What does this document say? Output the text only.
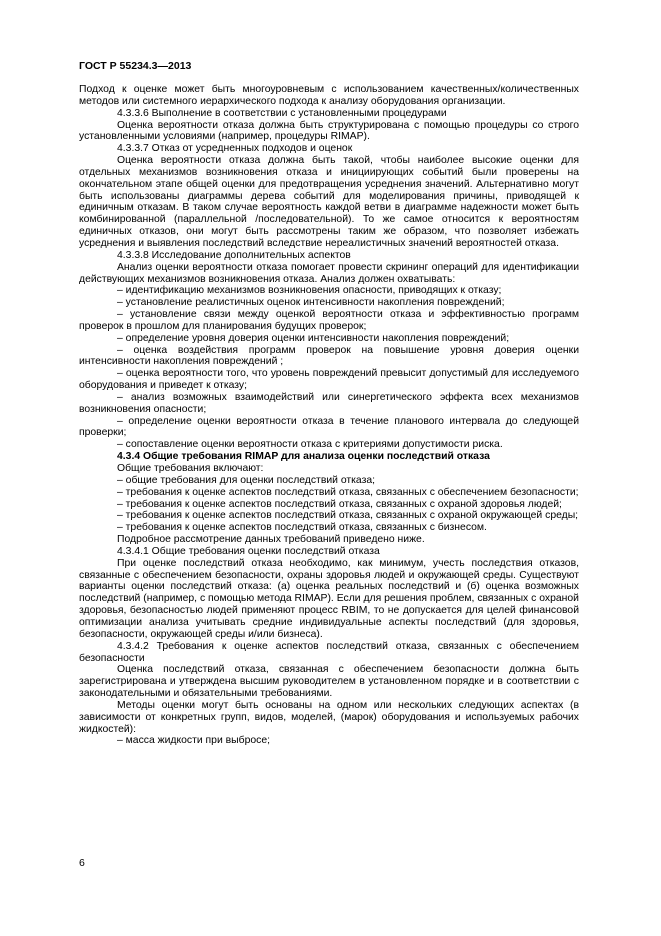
ГОСТ Р 55234.3—2013

Подход к оценке может быть многоуровневым с использованием качественных/количественных методов или системного иерархического подхода к анализу оборудования организации.

4.3.3.6 Выполнение в соответствии с установленными процедурами

Оценка вероятности отказа должна быть структурирована с помощью процедуры со строго установленными условиями (например, процедуры RIMAP).

4.3.3.7 Отказ от усредненных подходов и оценок

Оценка вероятности отказа должна быть такой, чтобы наиболее высокие оценки для отдельных механизмов возникновения отказа и инициирующих событий были проверены на окончательном этапе общей оценки для предотвращения усреднения значений. Альтернативно могут быть использованы диаграммы дерева событий для моделирования причины, приводящей к единичным отказам. В таком случае вероятность каждой ветви в диаграмме надежности может быть комбинированной (параллельной /последовательной). То же самое относится к вероятностям единичных отказов, они могут быть рассмотрены таким же образом, что позволяет избежать усреднения и выявления последствий вследствие нереалистичных значений вероятностей отказа.

4.3.3.8 Исследование дополнительных аспектов

Анализ оценки вероятности отказа помогает провести скрининг операций для идентификации действующих механизмов возникновения отказа. Анализ должен охватывать:

– идентификацию механизмов возникновения опасности, приводящих к отказу;

– установление реалистичных оценок интенсивности накопления повреждений;

– установление связи между оценкой вероятности отказа и эффективностью программ проверок в прошлом для планирования будущих проверок;

– определение уровня доверия оценки интенсивности накопления повреждений;

– оценка воздействия программ проверок на повышение уровня доверия оценки интенсивности накопления повреждений ;

– оценка вероятности того, что уровень повреждений превысит допустимый для исследуемого оборудования и приведет к отказу;

– анализ возможных взаимодействий или синергетического эффекта всех механизмов возникновения опасности;

– определение оценки вероятности отказа в течение планового интервала до следующей проверки;

– сопоставление оценки вероятности отказа с критериями допустимости риска.

4.3.4 Общие требования RIMAP для анализа оценки последствий отказа

Общие требования включают:

– общие требования для оценки последствий отказа;

– требования к оценке аспектов последствий отказа, связанных с обеспечением безопасности;

– требования к оценке аспектов последствий отказа, связанных с охраной здоровья людей;

– требования к оценке аспектов последствий отказа, связанных с охраной окружающей среды;

– требования к оценке аспектов последствий отказа, связанных с бизнесом.

Подробное рассмотрение данных требований приведено ниже.

4.3.4.1 Общие требования оценки последствий отказа

При оценке последствий отказа необходимо, как минимум, учесть последствия отказов, связанные с обеспечением безопасности, охраны здоровья людей и окружающей среды. Существуют варианты оценки последствий отказа: (а) оценка реальных последствий и (б) оценка возможных последствий (например, с помощью метода RIMAP). Если для решения проблем, связанных с охраной здоровья, безопасностью людей применяют процесс RBIM, то не допускается для целей финансовой оптимизации анализа учитывать средние индивидуальные аспекты последствий (для здоровья, безопасности, окружающей среды и/или бизнеса).

4.3.4.2 Требования к оценке аспектов последствий отказа, связанных с обеспечением безопасности

Оценка последствий отказа, связанная с обеспечением безопасности должна быть зарегистрирована и утверждена высшим руководителем в установленном порядке и в соответствии с законодательными и обязательными требованиями.

Методы оценки могут быть основаны на одном или нескольких следующих аспектах (в зависимости от конкретных групп, видов, моделей, (марок) оборудования и используемых рабочих жидкостей):

– масса жидкости при выбросе;

6
